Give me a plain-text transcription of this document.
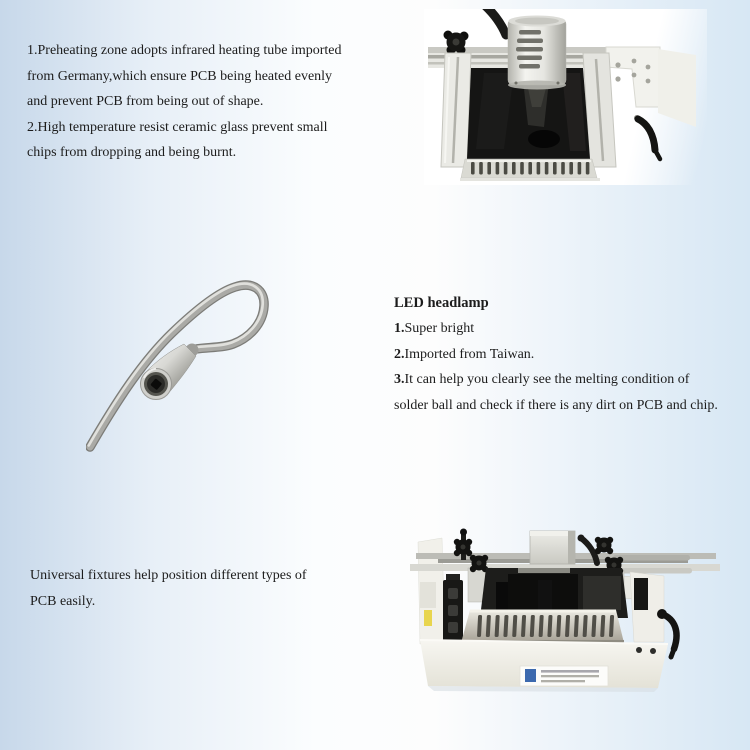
1.Preheating zone adopts infrared heating tube imported
from Germany,which ensure PCB being heated evenly
and prevent PCB from being out of shape.
2.High temperature resist ceramic glass prevent small
chips from dropping and being burnt.
LED headlamp
1.Super bright
2.Imported from Taiwan.
3.It can help you clearly see the melting condition of
solder ball and check if there is any dirt on PCB and chip.
Universal fixtures help position different types of
PCB easily.
